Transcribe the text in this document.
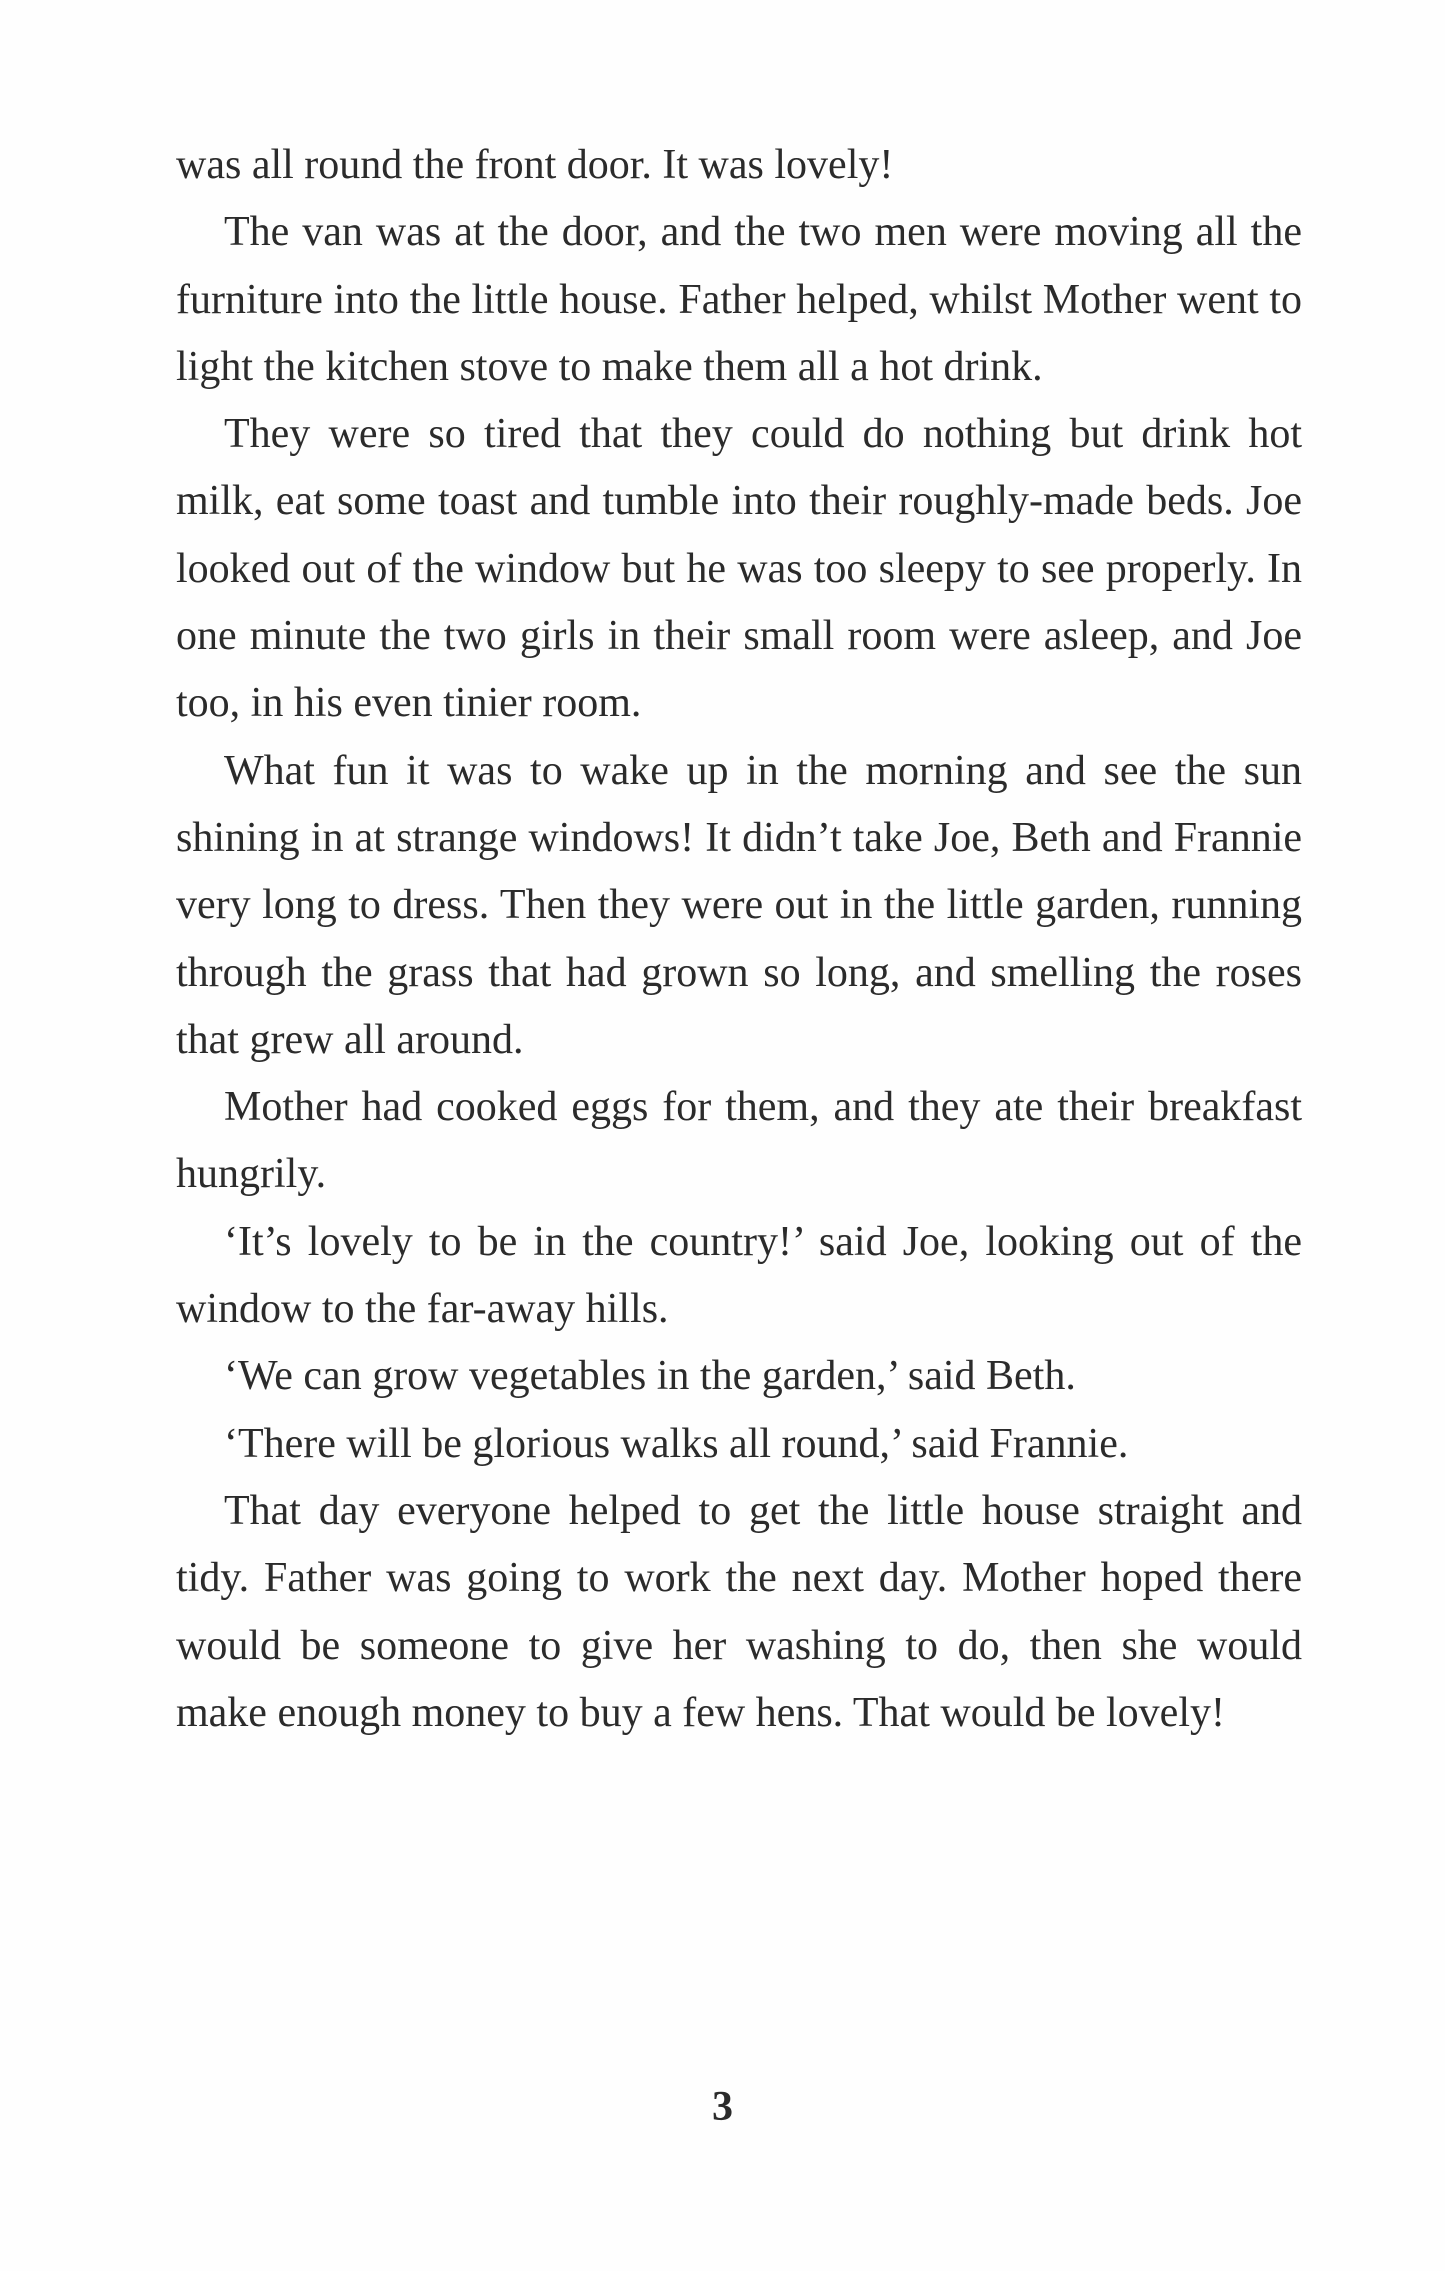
was all round the front door. It was lovely!

The van was at the door, and the two men were moving all the furniture into the little house. Father helped, whilst Mother went to light the kitchen stove to make them all a hot drink.

They were so tired that they could do nothing but drink hot milk, eat some toast and tumble into their roughly-made beds. Joe looked out of the window but he was too sleepy to see properly. In one minute the two girls in their small room were asleep, and Joe too, in his even tinier room.

What fun it was to wake up in the morning and see the sun shining in at strange windows! It didn’t take Joe, Beth and Frannie very long to dress. Then they were out in the little garden, running through the grass that had grown so long, and smelling the roses that grew all around.

Mother had cooked eggs for them, and they ate their breakfast hungrily.

‘It’s lovely to be in the country!’ said Joe, looking out of the window to the far-away hills.

‘We can grow vegetables in the garden,’ said Beth.

‘There will be glorious walks all round,’ said Frannie.

That day everyone helped to get the little house straight and tidy. Father was going to work the next day. Mother hoped there would be someone to give her washing to do, then she would make enough money to buy a few hens. That would be lovely!

3
